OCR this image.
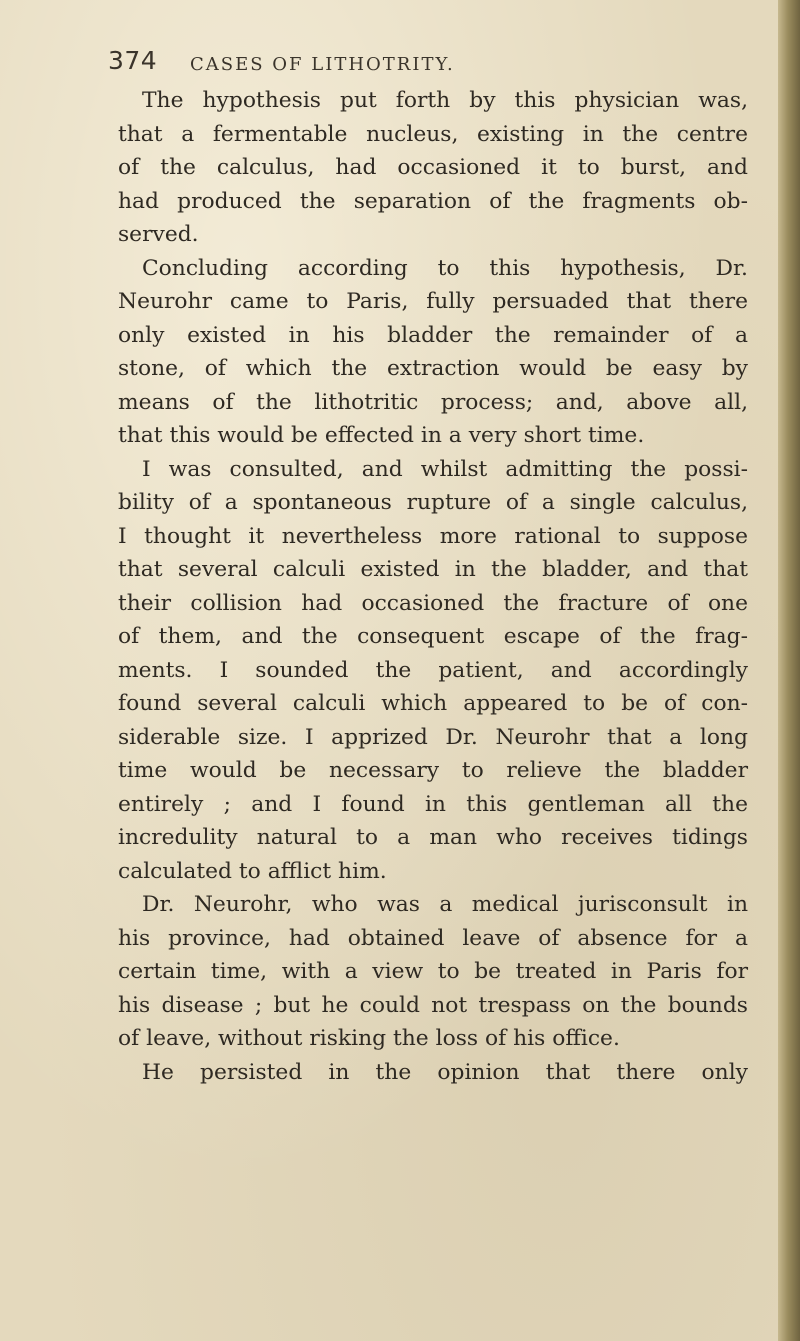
374 CASES OF LITHOTRITY.
The hypothesis put forth by this physician was,
that a fermentable nucleus, existing in the centre
of the calculus, had occasioned it to burst, and
had produced the separation of the fragments ob-
served.
Concluding according to this hypothesis, Dr.
Neurohr came to Paris, fully persuaded that there
only existed in his bladder the remainder of a
stone, of which the extraction would be easy by
means of the lithotritic process; and, above all,
that this would be effected in a very short time.
I was consulted, and whilst admitting the possi-
bility of a spontaneous rupture of a single calculus,
I thought it nevertheless more rational to suppose
that several calculi existed in the bladder, and that
their collision had occasioned the fracture of one
of them, and the consequent escape of the frag-
ments. I sounded the patient, and accordingly
found several calculi which appeared to be of con-
siderable size. I apprized Dr. Neurohr that a long
time would be necessary to relieve the bladder
entirely ; and I found in this gentleman all the
incredulity natural to a man who receives tidings
calculated to afflict him.
Dr. Neurohr, who was a medical jurisconsult in
his province, had obtained leave of absence for a
certain time, with a view to be treated in Paris for
his disease ; but he could not trespass on the bounds
of leave, without risking the loss of his office.
He persisted in the opinion that there only
